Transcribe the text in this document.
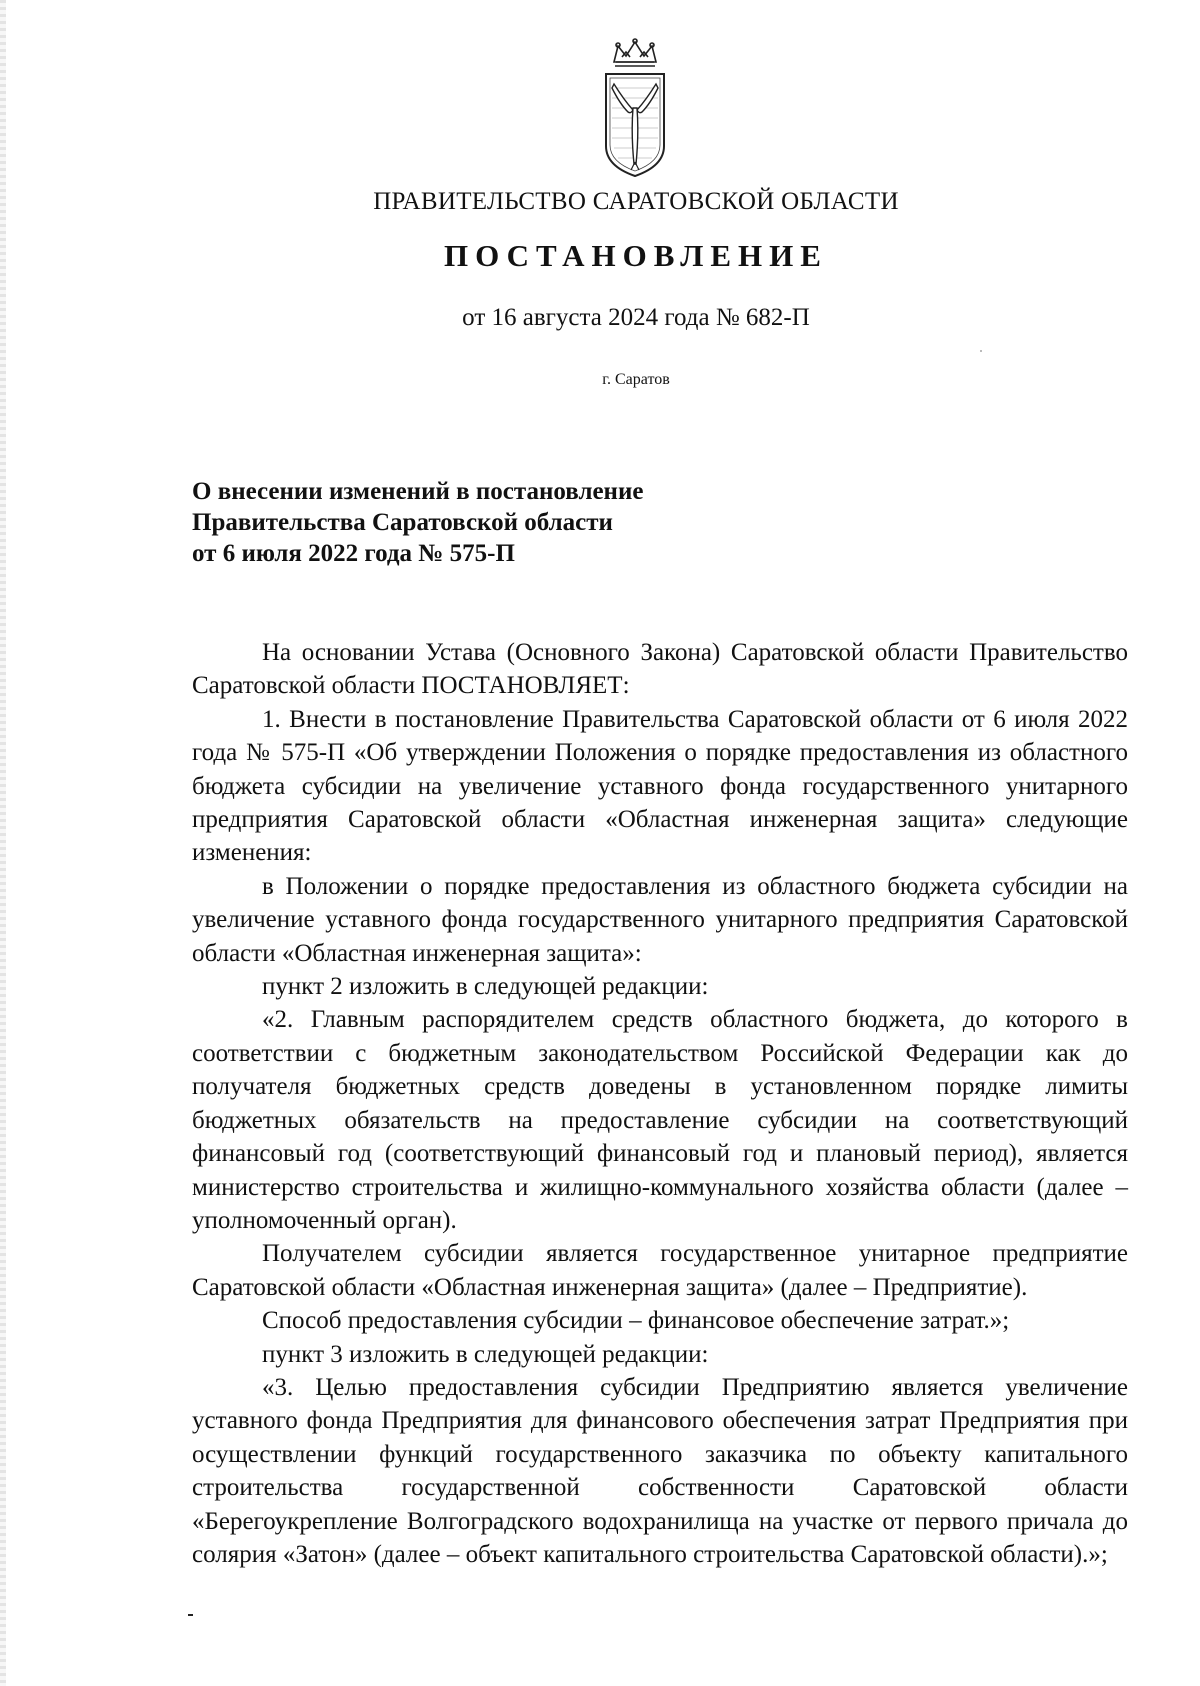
ПРАВИТЕЛЬСТВО САРАТОВСКОЙ ОБЛАСТИ
ПОСТАНОВЛЕНИЕ
от 16 августа 2024 года № 682-П
г. Саратов
О внесении изменений в постановление
Правительства Саратовской области
от 6 июля 2022 года № 575-П

На основании Устава (Основного Закона) Саратовской области Правительство Саратовской области ПОСТАНОВЛЯЕТ:

1. Внести в постановление Правительства Саратовской области от 6 июля 2022 года № 575-П «Об утверждении Положения о порядке предоставления из областного бюджета субсидии на увеличение уставного фонда государственного унитарного предприятия Саратовской области «Областная инженерная защита» следующие изменения:

в Положении о порядке предоставления из областного бюджета субсидии на увеличение уставного фонда государственного унитарного предприятия Саратовской области «Областная инженерная защита»:

пункт 2 изложить в следующей редакции:

«2. Главным распорядителем средств областного бюджета, до которого в соответствии с бюджетным законодательством Российской Федерации как до получателя бюджетных средств доведены в установленном порядке лимиты бюджетных обязательств на предоставление субсидии на соответствующий финансовый год (соответствующий финансовый год и плановый период), является министерство строительства и жилищно-коммунального хозяйства области (далее – уполномоченный орган).

Получателем субсидии является государственное унитарное предприятие Саратовской области «Областная инженерная защита» (далее – Предприятие).

Способ предоставления субсидии – финансовое обеспечение затрат.»;

пункт 3 изложить в следующей редакции:

«3. Целью предоставления субсидии Предприятию является увеличение уставного фонда Предприятия для финансового обеспечения затрат Предприятия при осуществлении функций государственного заказчика по объекту капитального строительства государственной собственности Саратовской области «Берегоукрепление Волгоградского водохранилища на участке от первого причала до солярия «Затон» (далее – объект капитального строительства Саратовской области).»;
